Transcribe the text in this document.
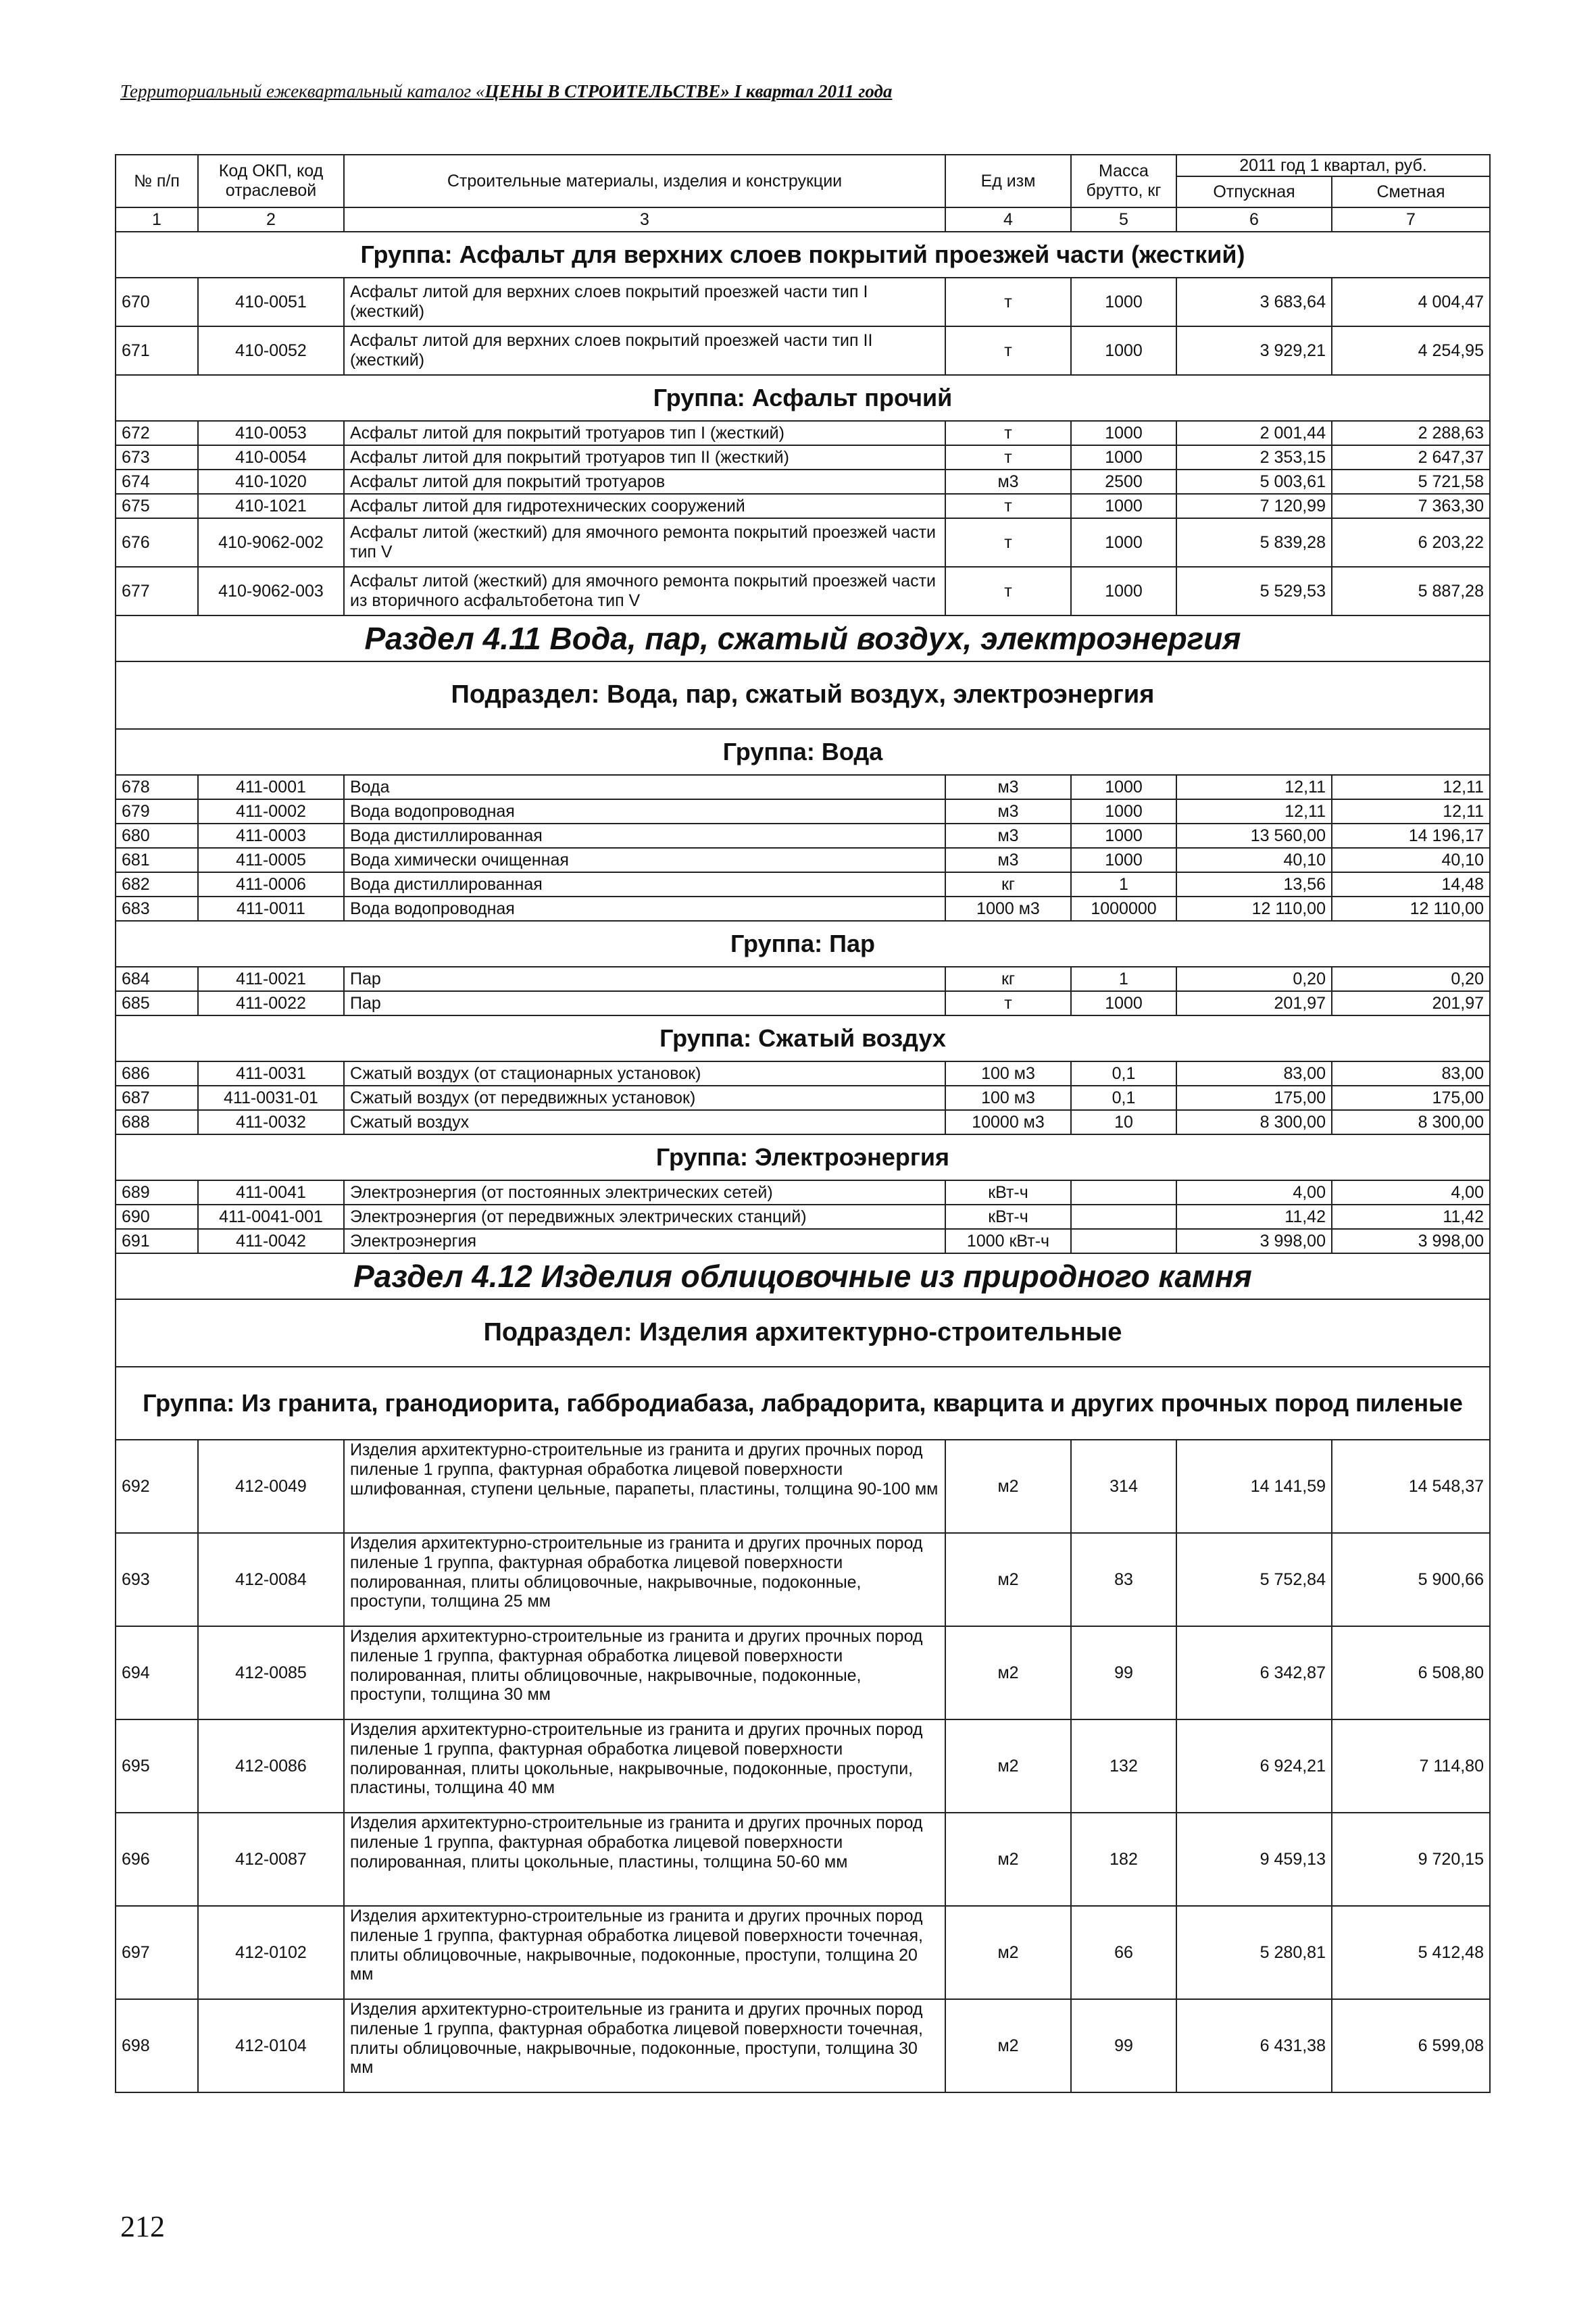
Территориальный ежеквартальный каталог «ЦЕНЫ В СТРОИТЕЛЬСТВЕ» I квартал 2011 года
№ п/п	Код ОКП, код отраслевой	Строительные материалы, изделия и конструкции	Ед изм	Масса брутто, кг	2011 год 1 квартал, руб.	
					Отпускная	Сметная
1	2	3	4	5	6	7
Группа: Асфальт для верхних слоев покрытий проезжей части (жесткий)						
670	410-0051	Асфальт литой для верхних слоев покрытий проезжей части тип I (жесткий)	т	1000	3 683,64	4 004,47
671	410-0052	Асфальт литой для верхних слоев покрытий проезжей части тип II (жесткий)	т	1000	3 929,21	4 254,95
Группа: Асфальт прочий						
672	410-0053	Асфальт литой для покрытий тротуаров тип I (жесткий)	т	1000	2 001,44	2 288,63
673	410-0054	Асфальт литой для покрытий тротуаров тип II (жесткий)	т	1000	2 353,15	2 647,37
674	410-1020	Асфальт литой для покрытий тротуаров	м3	2500	5 003,61	5 721,58
675	410-1021	Асфальт литой для гидротехнических сооружений	т	1000	7 120,99	7 363,30
676	410-9062-002	Асфальт литой (жесткий) для ямочного ремонта покрытий проезжей части тип V	т	1000	5 839,28	6 203,22
677	410-9062-003	Асфальт литой (жесткий) для ямочного ремонта покрытий проезжей части из вторичного асфальтобетона тип V	т	1000	5 529,53	5 887,28
Раздел 4.11 Вода, пар, сжатый воздух, электроэнергия						
Подраздел: Вода, пар, сжатый воздух, электроэнергия						
Группа: Вода						
678	411-0001	Вода	м3	1000	12,11	12,11
679	411-0002	Вода водопроводная	м3	1000	12,11	12,11
680	411-0003	Вода дистиллированная	м3	1000	13 560,00	14 196,17
681	411-0005	Вода химически очищенная	м3	1000	40,10	40,10
682	411-0006	Вода дистиллированная	кг	1	13,56	14,48
683	411-0011	Вода водопроводная	1000 м3	1000000	12 110,00	12 110,00
Группа: Пар						
684	411-0021	Пар	кг	1	0,20	0,20
685	411-0022	Пар	т	1000	201,97	201,97
Группа: Сжатый воздух						
686	411-0031	Сжатый воздух (от стационарных установок)	100 м3	0,1	83,00	83,00
687	411-0031-01	Сжатый воздух (от передвижных установок)	100 м3	0,1	175,00	175,00
688	411-0032	Сжатый воздух	10000 м3	10	8 300,00	8 300,00
Группа: Электроэнергия						
689	411-0041	Электроэнергия (от постоянных электрических сетей)	кВт-ч		4,00	4,00
690	411-0041-001	Электроэнергия (от передвижных электрических станций)	кВт-ч		11,42	11,42
691	411-0042	Электроэнергия	1000 кВт-ч		3 998,00	3 998,00
Раздел 4.12 Изделия облицовочные из природного камня						
Подраздел: Изделия архитектурно-строительные						
Группа: Из гранита, гранодиорита, габбродиабаза, лабрадорита, кварцита и других прочных пород пиленые						
692	412-0049	Изделия архитектурно-строительные из гранита и других прочных пород пиленые 1 группа, фактурная обработка лицевой поверхности шлифованная, ступени цельные, парапеты, пластины, толщина 90-100 мм	м2	314	14 141,59	14 548,37
693	412-0084	Изделия архитектурно-строительные из гранита и других прочных пород пиленые 1 группа, фактурная обработка лицевой поверхности полированная, плиты облицовочные, накрывочные, подоконные, проступи, толщина 25 мм	м2	83	5 752,84	5 900,66
694	412-0085	Изделия архитектурно-строительные из гранита и других прочных пород пиленые 1 группа, фактурная обработка лицевой поверхности полированная, плиты облицовочные, накрывочные, подоконные, проступи, толщина 30 мм	м2	99	6 342,87	6 508,80
695	412-0086	Изделия архитектурно-строительные из гранита и других прочных пород пиленые 1 группа, фактурная обработка лицевой поверхности полированная, плиты цокольные, накрывочные, подоконные, проступи, пластины, толщина 40 мм	м2	132	6 924,21	7 114,80
696	412-0087	Изделия архитектурно-строительные из гранита и других прочных пород пиленые 1 группа, фактурная обработка лицевой поверхности полированная, плиты цокольные, пластины, толщина 50-60 мм	м2	182	9 459,13	9 720,15
697	412-0102	Изделия архитектурно-строительные из гранита и других прочных пород пиленые 1 группа, фактурная обработка лицевой поверхности точечная, плиты облицовочные, накрывочные, подоконные, проступи, толщина 20 мм	м2	66	5 280,81	5 412,48
698	412-0104	Изделия архитектурно-строительные из гранита и других прочных пород пиленые 1 группа, фактурная обработка лицевой поверхности точечная, плиты облицовочные, накрывочные, подоконные, проступи, толщина 30 мм	м2	99	6 431,38	6 599,08
212
